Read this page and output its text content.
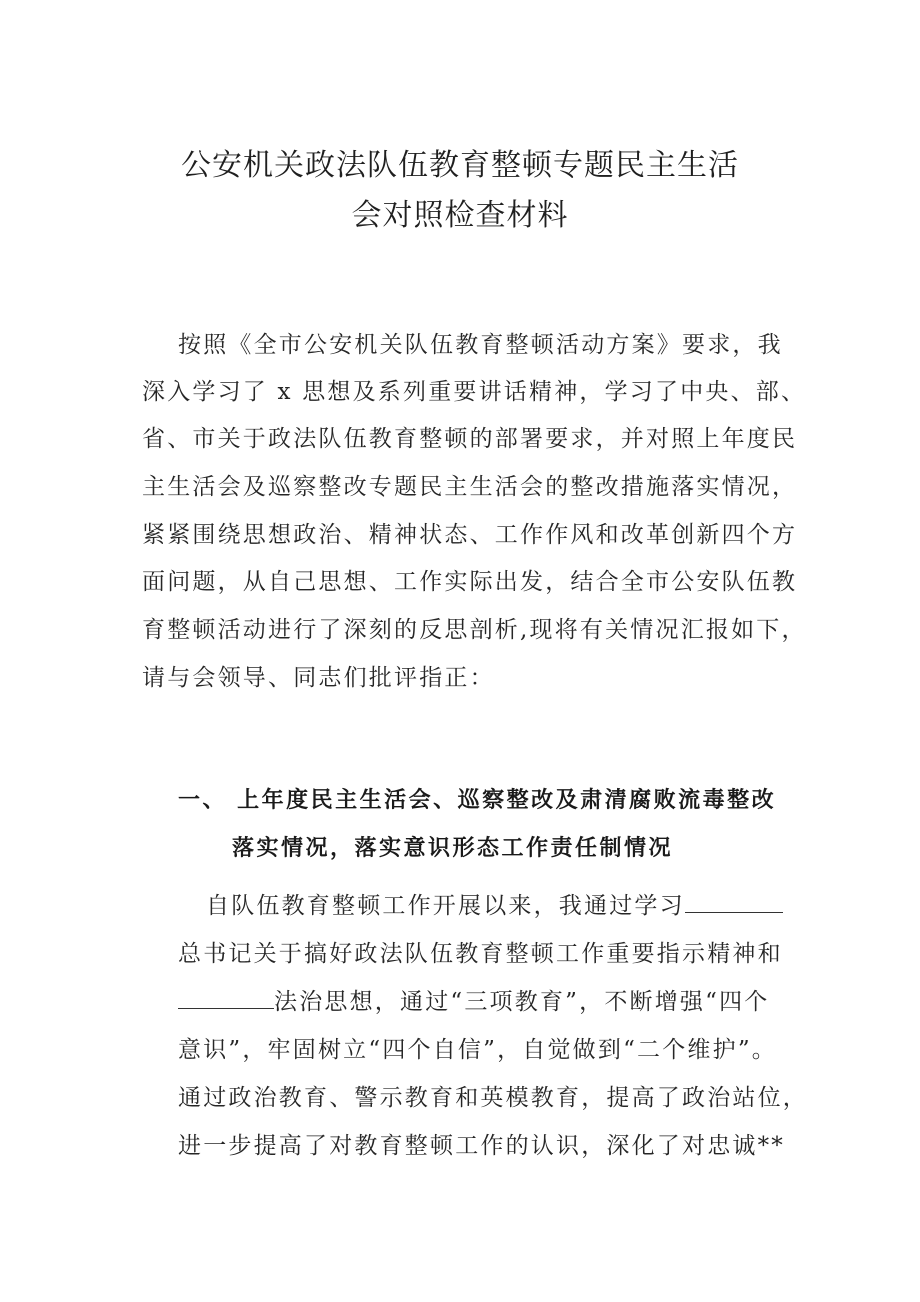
公安机关政法队伍教育整顿专题民主生活
会对照检查材料
按照《全市公安机关队伍教育整顿活动方案》要求，我
深入学习了 x 思想及系列重要讲话精神，学习了中央、部、
省、市关于政法队伍教育整顿的部署要求，并对照上年度民
主生活会及巡察整改专题民主生活会的整改措施落实情况，
紧紧围绕思想政治、精神状态、工作作风和改革创新四个方
面问题，从自己思想、工作实际出发，结合全市公安队伍教
育整顿活动进行了深刻的反思剖析,现将有关情况汇报如下，
请与会领导、同志们批评指正：
一、 上年度民主生活会、巡察整改及肃清腐败流毒整改
落实情况，落实意识形态工作责任制情况
自队伍教育整顿工作开展以来，我通过学习
总书记关于搞好政法队伍教育整顿工作重要指示精神和
法治思想，通过“三项教育”，不断增强“四个
意识”，牢固树立“四个自信”，自觉做到“二个维护”。
通过政治教育、警示教育和英模教育，提高了政治站位，
进一步提高了对教育整顿工作的认识，深化了对忠诚**
